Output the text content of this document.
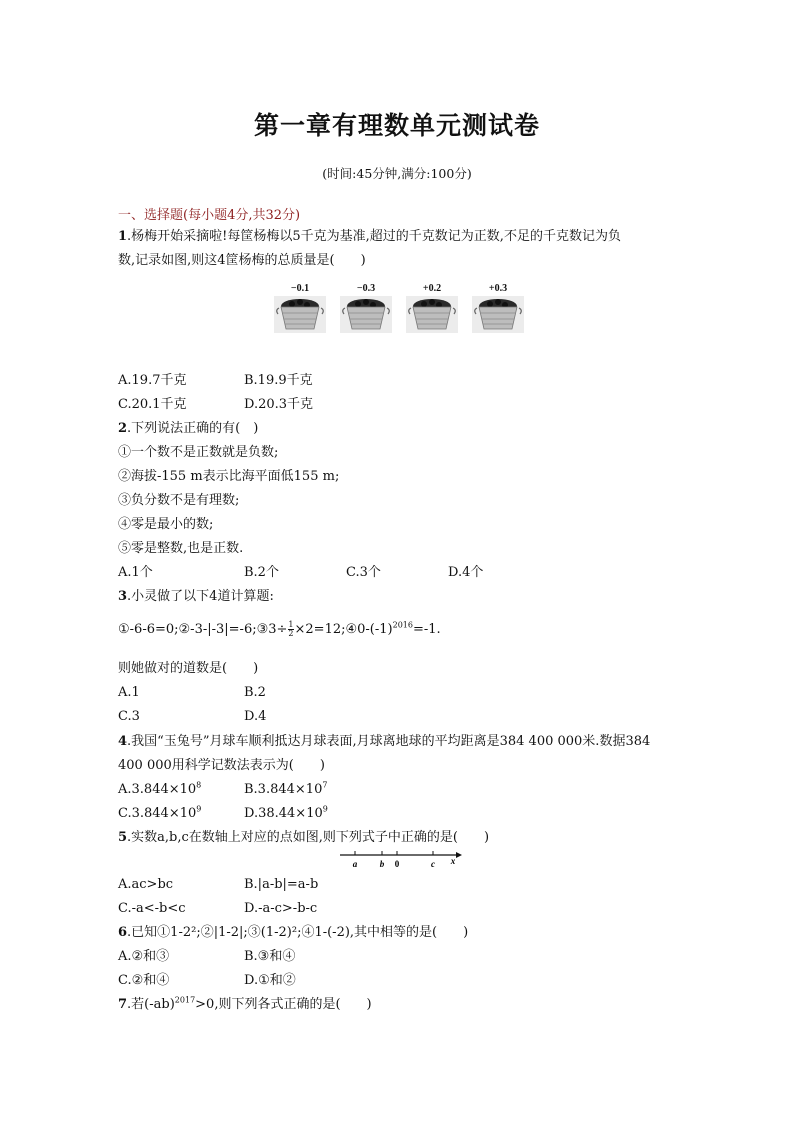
第一章有理数单元测试卷
(时间:45分钟,满分:100分)
一、选择题(每小题4分,共32分)
1.杨梅开始采摘啦!每筐杨梅以5千克为基准,超过的千克数记为正数,不足的千克数记为负
数,记录如图,则这4筐杨梅的总质量是(　　)
−0.1	−0.3	+0.2	+0.3
A.19.7千克	B.19.9千克
C.20.1千克	D.20.3千克
2.下列说法正确的有(　)
①一个数不是正数就是负数;
②海拔-155 m表示比海平面低155 m;
③负分数不是有理数;
④零是最小的数;
⑤零是整数,也是正数.
A.1个	B.2个	C.3个	D.4个
3.小灵做了以下4道计算题:
①-6-6=0;②-3-|-3|=-6;③3÷ $\frac{1}{2}$ $\times 2=12;④0-(-1)^{2016}=-1$.
则她做对的道数是(　　)
A.1	B.2
C.3	D.4
4.我国“玉兔号”月球车顺利抵达月球表面,月球离地球的平均距离是384 400 000米.数据384
400 000用科学记数法表示为(　　)
$A.3.844\times 10^8$	$B.3.844\times 10^7$
$C.3.844\times 10^9$	$D.38.44\times 10^9$
5.实数a,b,c在数轴上对应的点如图,则下列式子中正确的是(　　)
a	b 0	c x
A.ac>bc	B.|a-b|=a-b
C.-a<-b<c	D.-a-c>-b-c
6.已知①1-2²;②|1-2|;③(1-2)²;④1-(-2),其中相等的是(　　)
A.②和③	B.③和④
C.②和④	D.①和②
7.若$(-ab)^{2017}>0$,则下列各式正确的是(　　)
